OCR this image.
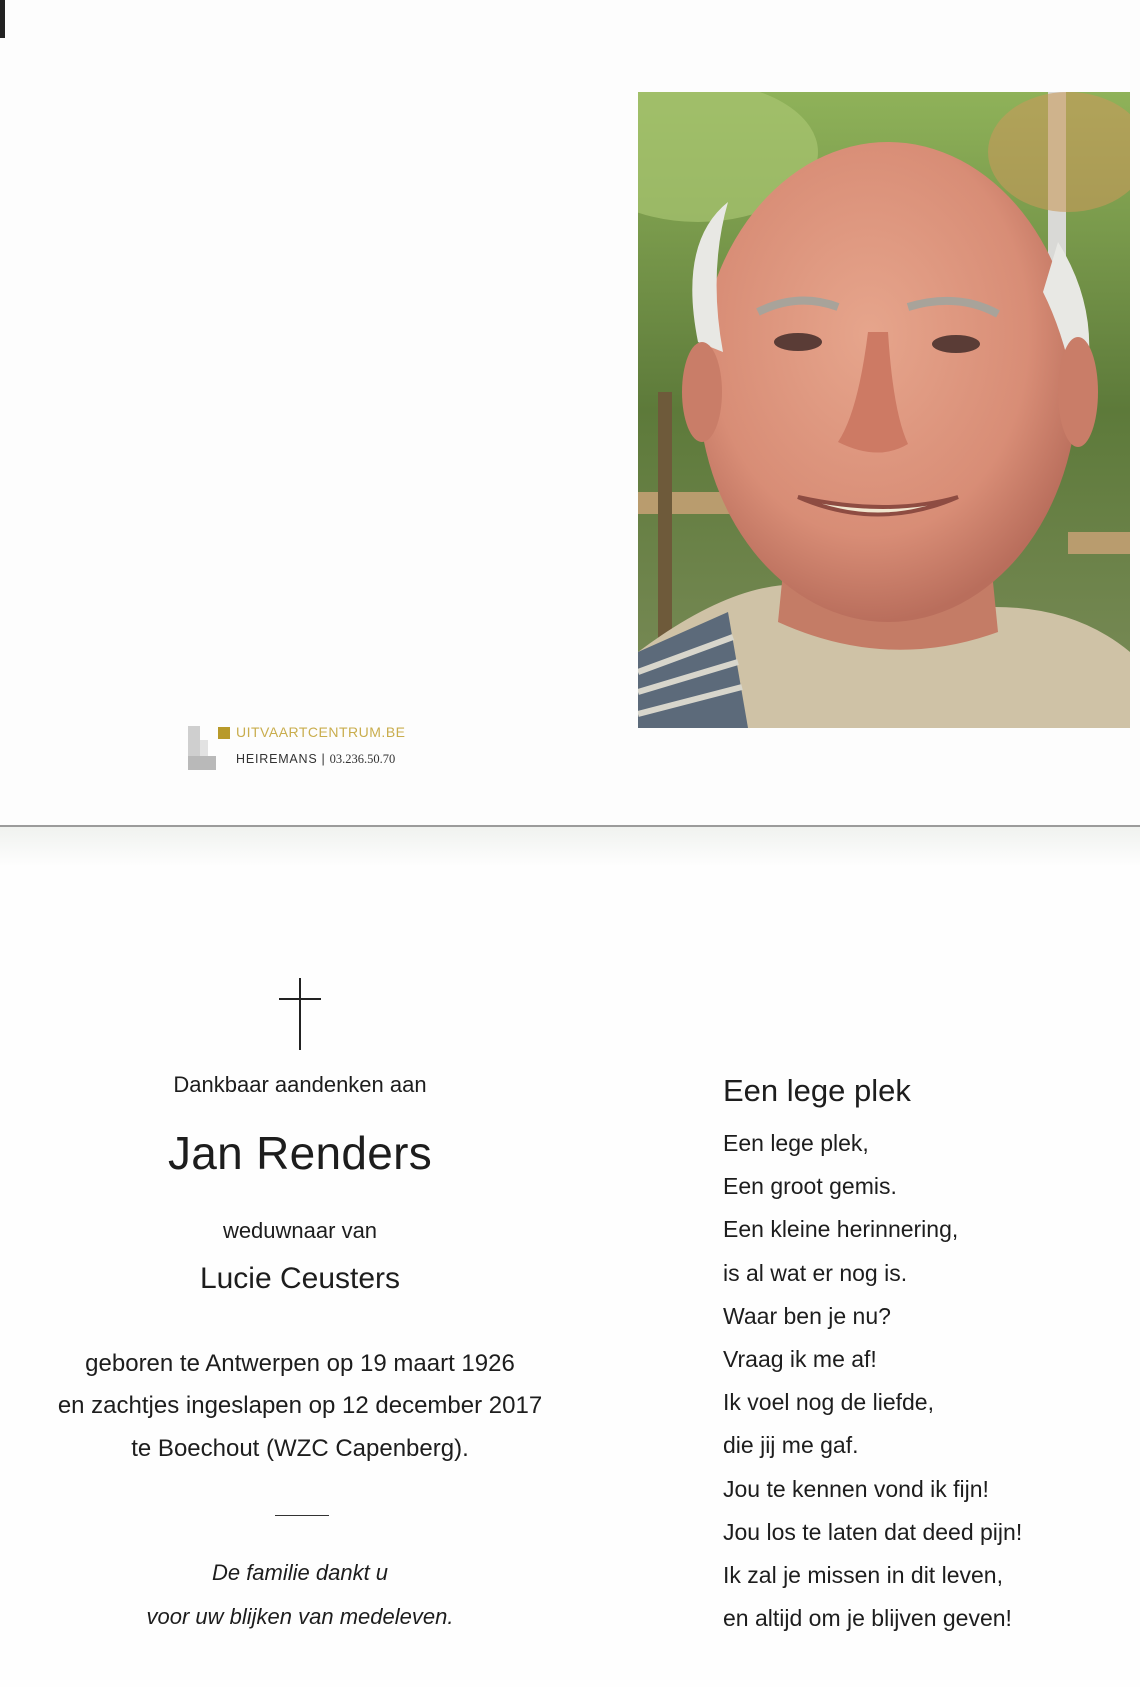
UITVAARTCENTRUM.BE
HEIREMANS | 03.236.50.70
Dankbaar aandenken aan
Jan Renders
weduwnaar van
Lucie Ceusters
geboren te Antwerpen op 19 maart 1926
en zachtjes ingeslapen op 12 december 2017
te Boechout (WZC Capenberg).
De familie dankt u
voor uw blijken van medeleven.
Een lege plek
Een lege plek,
Een groot gemis.
Een kleine herinnering,
is al wat er nog is.
Waar ben je nu?
Vraag ik me af!
Ik voel nog de liefde,
die jij me gaf.
Jou te kennen vond ik fijn!
Jou los te laten dat deed pijn!
Ik zal je missen in dit leven,
en altijd om je blijven geven!
